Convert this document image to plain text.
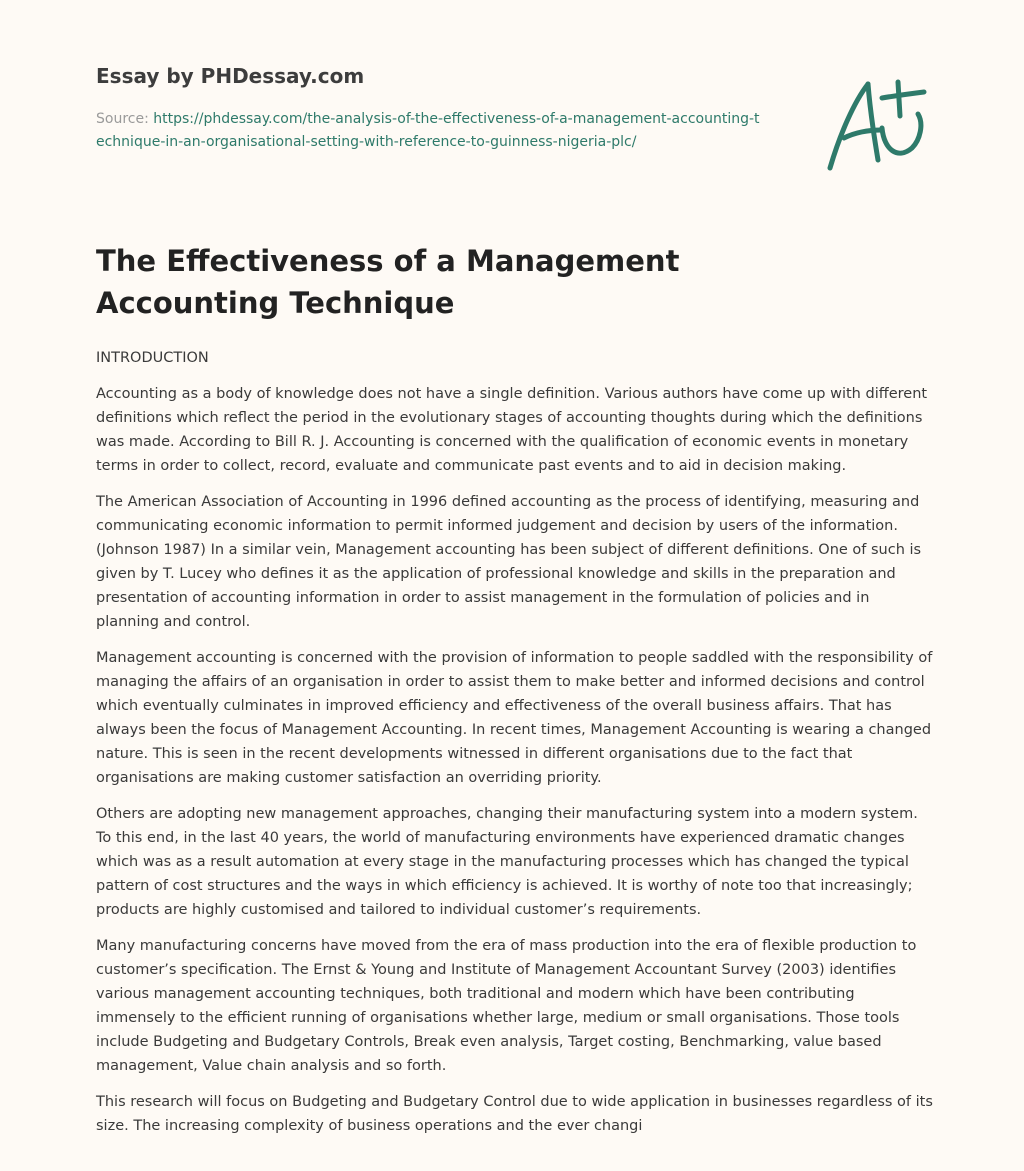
Essay by PHDessay.com
Source: https://phdessay.com/the-analysis-of-the-effectiveness-of-a-management-accounting-technique-in-an-organisational-setting-with-reference-to-guinness-nigeria-plc/
The Effectiveness of a Management Accounting Technique
INTRODUCTION

Accounting as a body of knowledge does not have a single definition. Various authors have come up with different definitions which reflect the period in the evolutionary stages of accounting thoughts during which the definitions was made. According to Bill R. J. Accounting is concerned with the qualification of economic events in monetary terms in order to collect, record, evaluate and communicate past events and to aid in decision making.

The American Association of Accounting in 1996 defined accounting as the process of identifying, measuring and communicating economic information to permit informed judgement and decision by users of the information. (Johnson 1987) In a similar vein, Management accounting has been subject of different definitions. One of such is given by T. Lucey who defines it as the application of professional knowledge and skills in the preparation and presentation of accounting information in order to assist management in the formulation of policies and in planning and control.

Management accounting is concerned with the provision of information to people saddled with the responsibility of managing the affairs of an organisation in order to assist them to make better and informed decisions and control which eventually culminates in improved efficiency and effectiveness of the overall business affairs. That has always been the focus of Management Accounting. In recent times, Management Accounting is wearing a changed nature. This is seen in the recent developments witnessed in different organisations due to the fact that organisations are making customer satisfaction an overriding priority.

Others are adopting new management approaches, changing their manufacturing system into a modern system. To this end, in the last 40 years, the world of manufacturing environments have experienced dramatic changes which was as a result automation at every stage in the manufacturing processes which has changed the typical pattern of cost structures and the ways in which efficiency is achieved. It is worthy of note too that increasingly; products are highly customised and tailored to individual customer’s requirements.

Many manufacturing concerns have moved from the era of mass production into the era of flexible production to customer’s specification. The Ernst & Young and Institute of Management Accountant Survey (2003) identifies various management accounting techniques, both traditional and modern which have been contributing immensely to the efficient running of organisations whether large, medium or small organisations. Those tools include Budgeting and Budgetary Controls, Break even analysis, Target costing, Benchmarking, value based management, Value chain analysis and so forth.

This research will focus on Budgeting and Budgetary Control due to wide application in businesses regardless of its size. The increasing complexity of business operations and the ever changi
